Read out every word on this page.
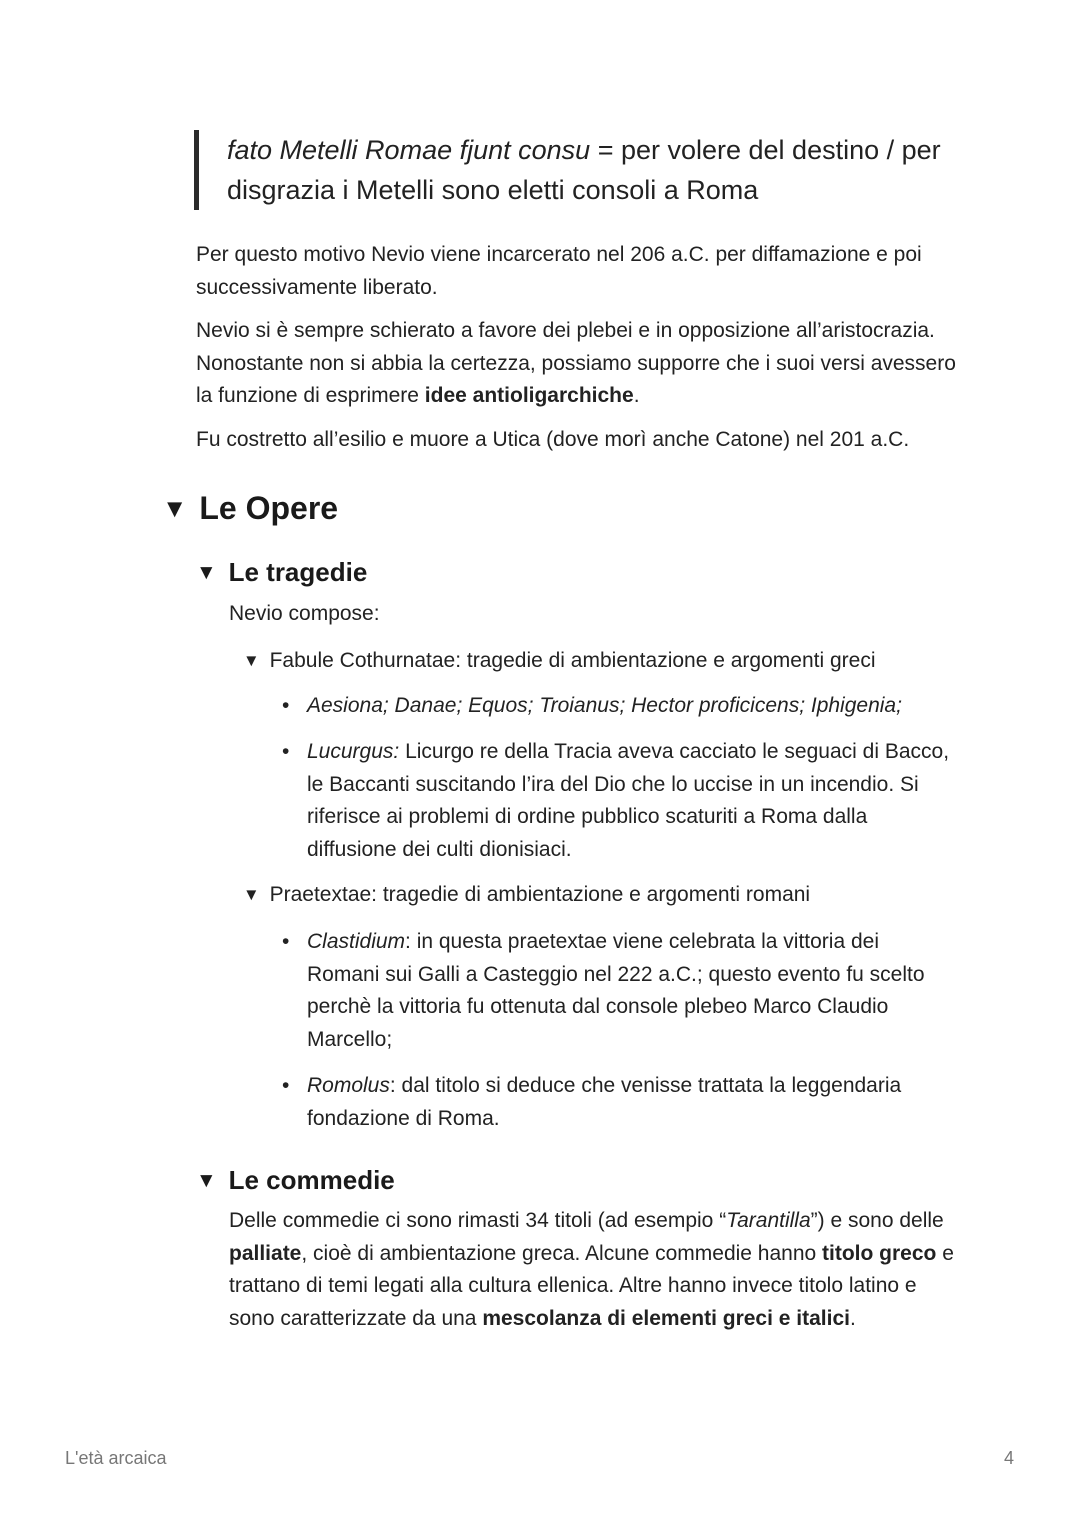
fato Metelli Romae fjunt consu = per volere del destino / per disgrazia i Metelli sono eletti consoli a Roma

Per questo motivo Nevio viene incarcerato nel 206 a.C. per diffamazione e poi successivamente liberato.

Nevio si è sempre schierato a favore dei plebei e in opposizione all’aristocrazia. Nonostante non si abbia la certezza, possiamo supporre che i suoi versi avessero la funzione di esprimere idee antioligarchiche.

Fu costretto all’esilio e muore a Utica (dove morì anche Catone) nel 201 a.C.

▼ Le Opere
▼ Le tragedie

Nevio compose:

▼ Fabule Cothurnatae: tragedie di ambientazione e argomenti greci
• Aesiona; Danae; Equos; Troianus; Hector proficicens; Iphigenia;
• Lucurgus: Licurgo re della Tracia aveva cacciato le seguaci di Bacco, le Baccanti suscitando l’ira del Dio che lo uccise in un incendio. Si riferisce ai problemi di ordine pubblico scaturiti a Roma dalla diffusione dei culti dionisiaci.
▼ Praetextae: tragedie di ambientazione e argomenti romani
• Clastidium: in questa praetextae viene celebrata la vittoria dei Romani sui Galli a Casteggio nel 222 a.C.; questo evento fu scelto perchè la vittoria fu ottenuta dal console plebeo Marco Claudio Marcello;
• Romolus: dal titolo si deduce che venisse trattata la leggendaria fondazione di Roma.
▼ Le commedie

Delle commedie ci sono rimasti 34 titoli (ad esempio “Tarantilla”) e sono delle palliate, cioè di ambientazione greca. Alcune commedie hanno titolo greco e trattano di temi legati alla cultura ellenica. Altre hanno invece titolo latino e sono caratterizzate da una mescolanza di elementi greci e italici.

L'età arcaica	4
